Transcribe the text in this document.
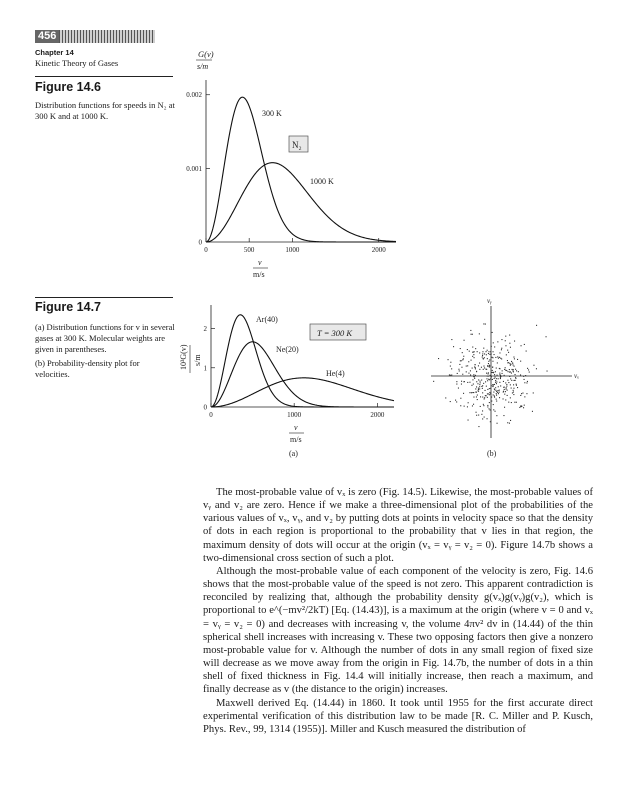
456
Chapter 14
Kinetic Theory of Gases
Figure 14.6
Distribution functions for speeds in N₂ at 300 K and at 1000 K.
0	500	1000	2000
0
0.001
0.002
G(v)
s/m
300 K
1000 K
N₂
v
m/s
Figure 14.7
(a) Distribution functions for v in several gases at 300 K. Molecular weights are given in parentheses.
(b) Probability-density plot for velocities.
0	1000	2000
0
1
2
Ar(40)
Ne(20)
He(4)
T = 300 K
10³G(v) s/m
v
m/s
(a)
vᵧ
vₓ
(b)

The most-probable value of vₓ is zero (Fig. 14.5). Likewise, the most-probable values of vᵧ and v₂ are zero. Hence if we make a three-dimensional plot of the probabilities of the various values of vₓ, vᵧ, and v₂ by putting dots at points in velocity space so that the density of dots in each region is proportional to the probability that v lies in that region, the maximum density of dots will occur at the origin (vₓ = vᵧ = v₂ = 0). Figure 14.7b shows a two-dimensional cross section of such a plot.

Although the most-probable value of each component of the velocity is zero, Fig. 14.6 shows that the most-probable value of the speed is not zero. This apparent contradiction is reconciled by realizing that, although the probability density g(vₓ)g(vᵧ)g(v₂), which is proportional to e^(−mv²/2kT) [Eq. (14.43)], is a maximum at the origin (where v = 0 and vₓ = vᵧ = v₂ = 0) and decreases with increasing v, the volume 4πv² dv in (14.44) of the thin spherical shell increases with increasing v. These two opposing factors then give a nonzero most-probable value for v. Although the number of dots in any small region of fixed size will decrease as we move away from the origin in Fig. 14.7b, the number of dots in a thin shell of fixed thickness in Fig. 14.4 will initially increase, then reach a maximum, and finally decrease as v (the distance to the origin) increases.

Maxwell derived Eq. (14.44) in 1860. It took until 1955 for the first accurate direct experimental verification of this distribution law to be made [R. C. Miller and P. Kusch, Phys. Rev., 99, 1314 (1955)]. Miller and Kusch measured the distribution of
